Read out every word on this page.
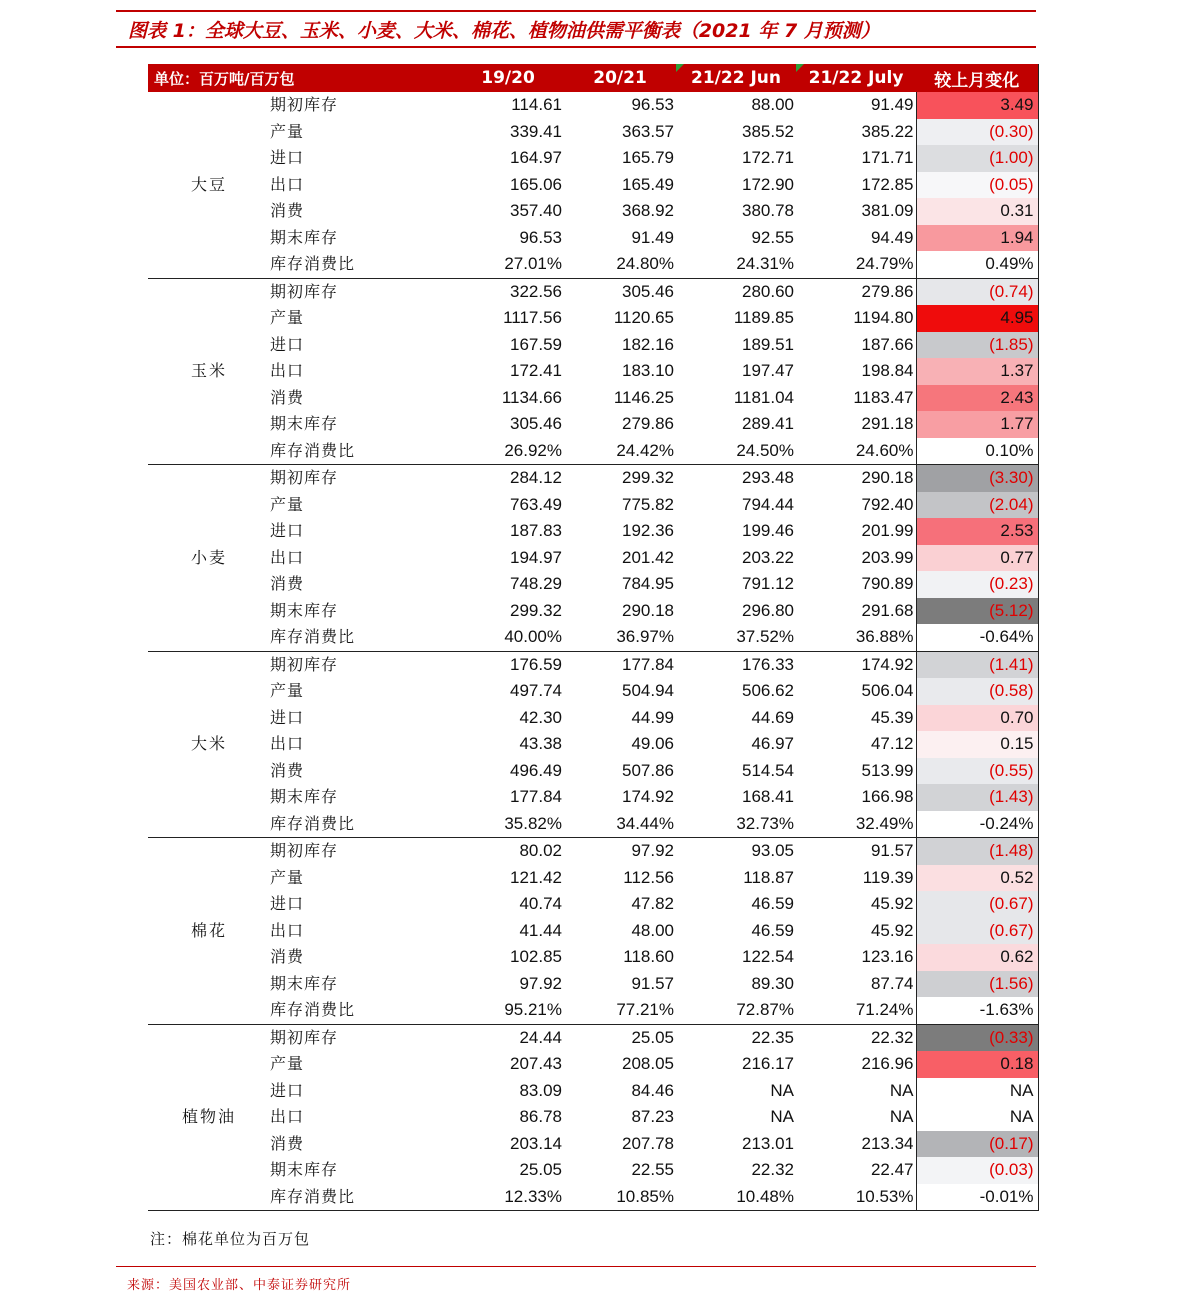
图表 1：全球大豆、玉米、小麦、大米、棉花、植物油供需平衡表（2021 年 7 月预测）
单位：百万吨/百万包		19/20	20/21	21/22 Jun	21/22 July	较上月变化
大豆	期初库存	114.61	96.53	88.00	91.49	3.49
	产量	339.41	363.57	385.52	385.22	(0.30)
	进口	164.97	165.79	172.71	171.71	(1.00)
	出口	165.06	165.49	172.90	172.85	(0.05)
	消费	357.40	368.92	380.78	381.09	0.31
	期末库存	96.53	91.49	92.55	94.49	1.94
	库存消费比	27.01%	24.80%	24.31%	24.79%	0.49%
玉米	期初库存	322.56	305.46	280.60	279.86	(0.74)
	产量	1117.56	1120.65	1189.85	1194.80	4.95
	进口	167.59	182.16	189.51	187.66	(1.85)
	出口	172.41	183.10	197.47	198.84	1.37
	消费	1134.66	1146.25	1181.04	1183.47	2.43
	期末库存	305.46	279.86	289.41	291.18	1.77
	库存消费比	26.92%	24.42%	24.50%	24.60%	0.10%
小麦	期初库存	284.12	299.32	293.48	290.18	(3.30)
	产量	763.49	775.82	794.44	792.40	(2.04)
	进口	187.83	192.36	199.46	201.99	2.53
	出口	194.97	201.42	203.22	203.99	0.77
	消费	748.29	784.95	791.12	790.89	(0.23)
	期末库存	299.32	290.18	296.80	291.68	(5.12)
	库存消费比	40.00%	36.97%	37.52%	36.88%	-0.64%
大米	期初库存	176.59	177.84	176.33	174.92	(1.41)
	产量	497.74	504.94	506.62	506.04	(0.58)
	进口	42.30	44.99	44.69	45.39	0.70
	出口	43.38	49.06	46.97	47.12	0.15
	消费	496.49	507.86	514.54	513.99	(0.55)
	期末库存	177.84	174.92	168.41	166.98	(1.43)
	库存消费比	35.82%	34.44%	32.73%	32.49%	-0.24%
棉花	期初库存	80.02	97.92	93.05	91.57	(1.48)
	产量	121.42	112.56	118.87	119.39	0.52
	进口	40.74	47.82	46.59	45.92	(0.67)
	出口	41.44	48.00	46.59	45.92	(0.67)
	消费	102.85	118.60	122.54	123.16	0.62
	期末库存	97.92	91.57	89.30	87.74	(1.56)
	库存消费比	95.21%	77.21%	72.87%	71.24%	-1.63%
植物油	期初库存	24.44	25.05	22.35	22.32	(0.33)
	产量	207.43	208.05	216.17	216.96	0.18
	进口	83.09	84.46	NA	NA	NA
	出口	86.78	87.23	NA	NA	NA
	消费	203.14	207.78	213.01	213.34	(0.17)
	期末库存	25.05	22.55	22.32	22.47	(0.03)
	库存消费比	12.33%	10.85%	10.48%	10.53%	-0.01%
注：棉花单位为百万包
来源：美国农业部、中泰证券研究所
